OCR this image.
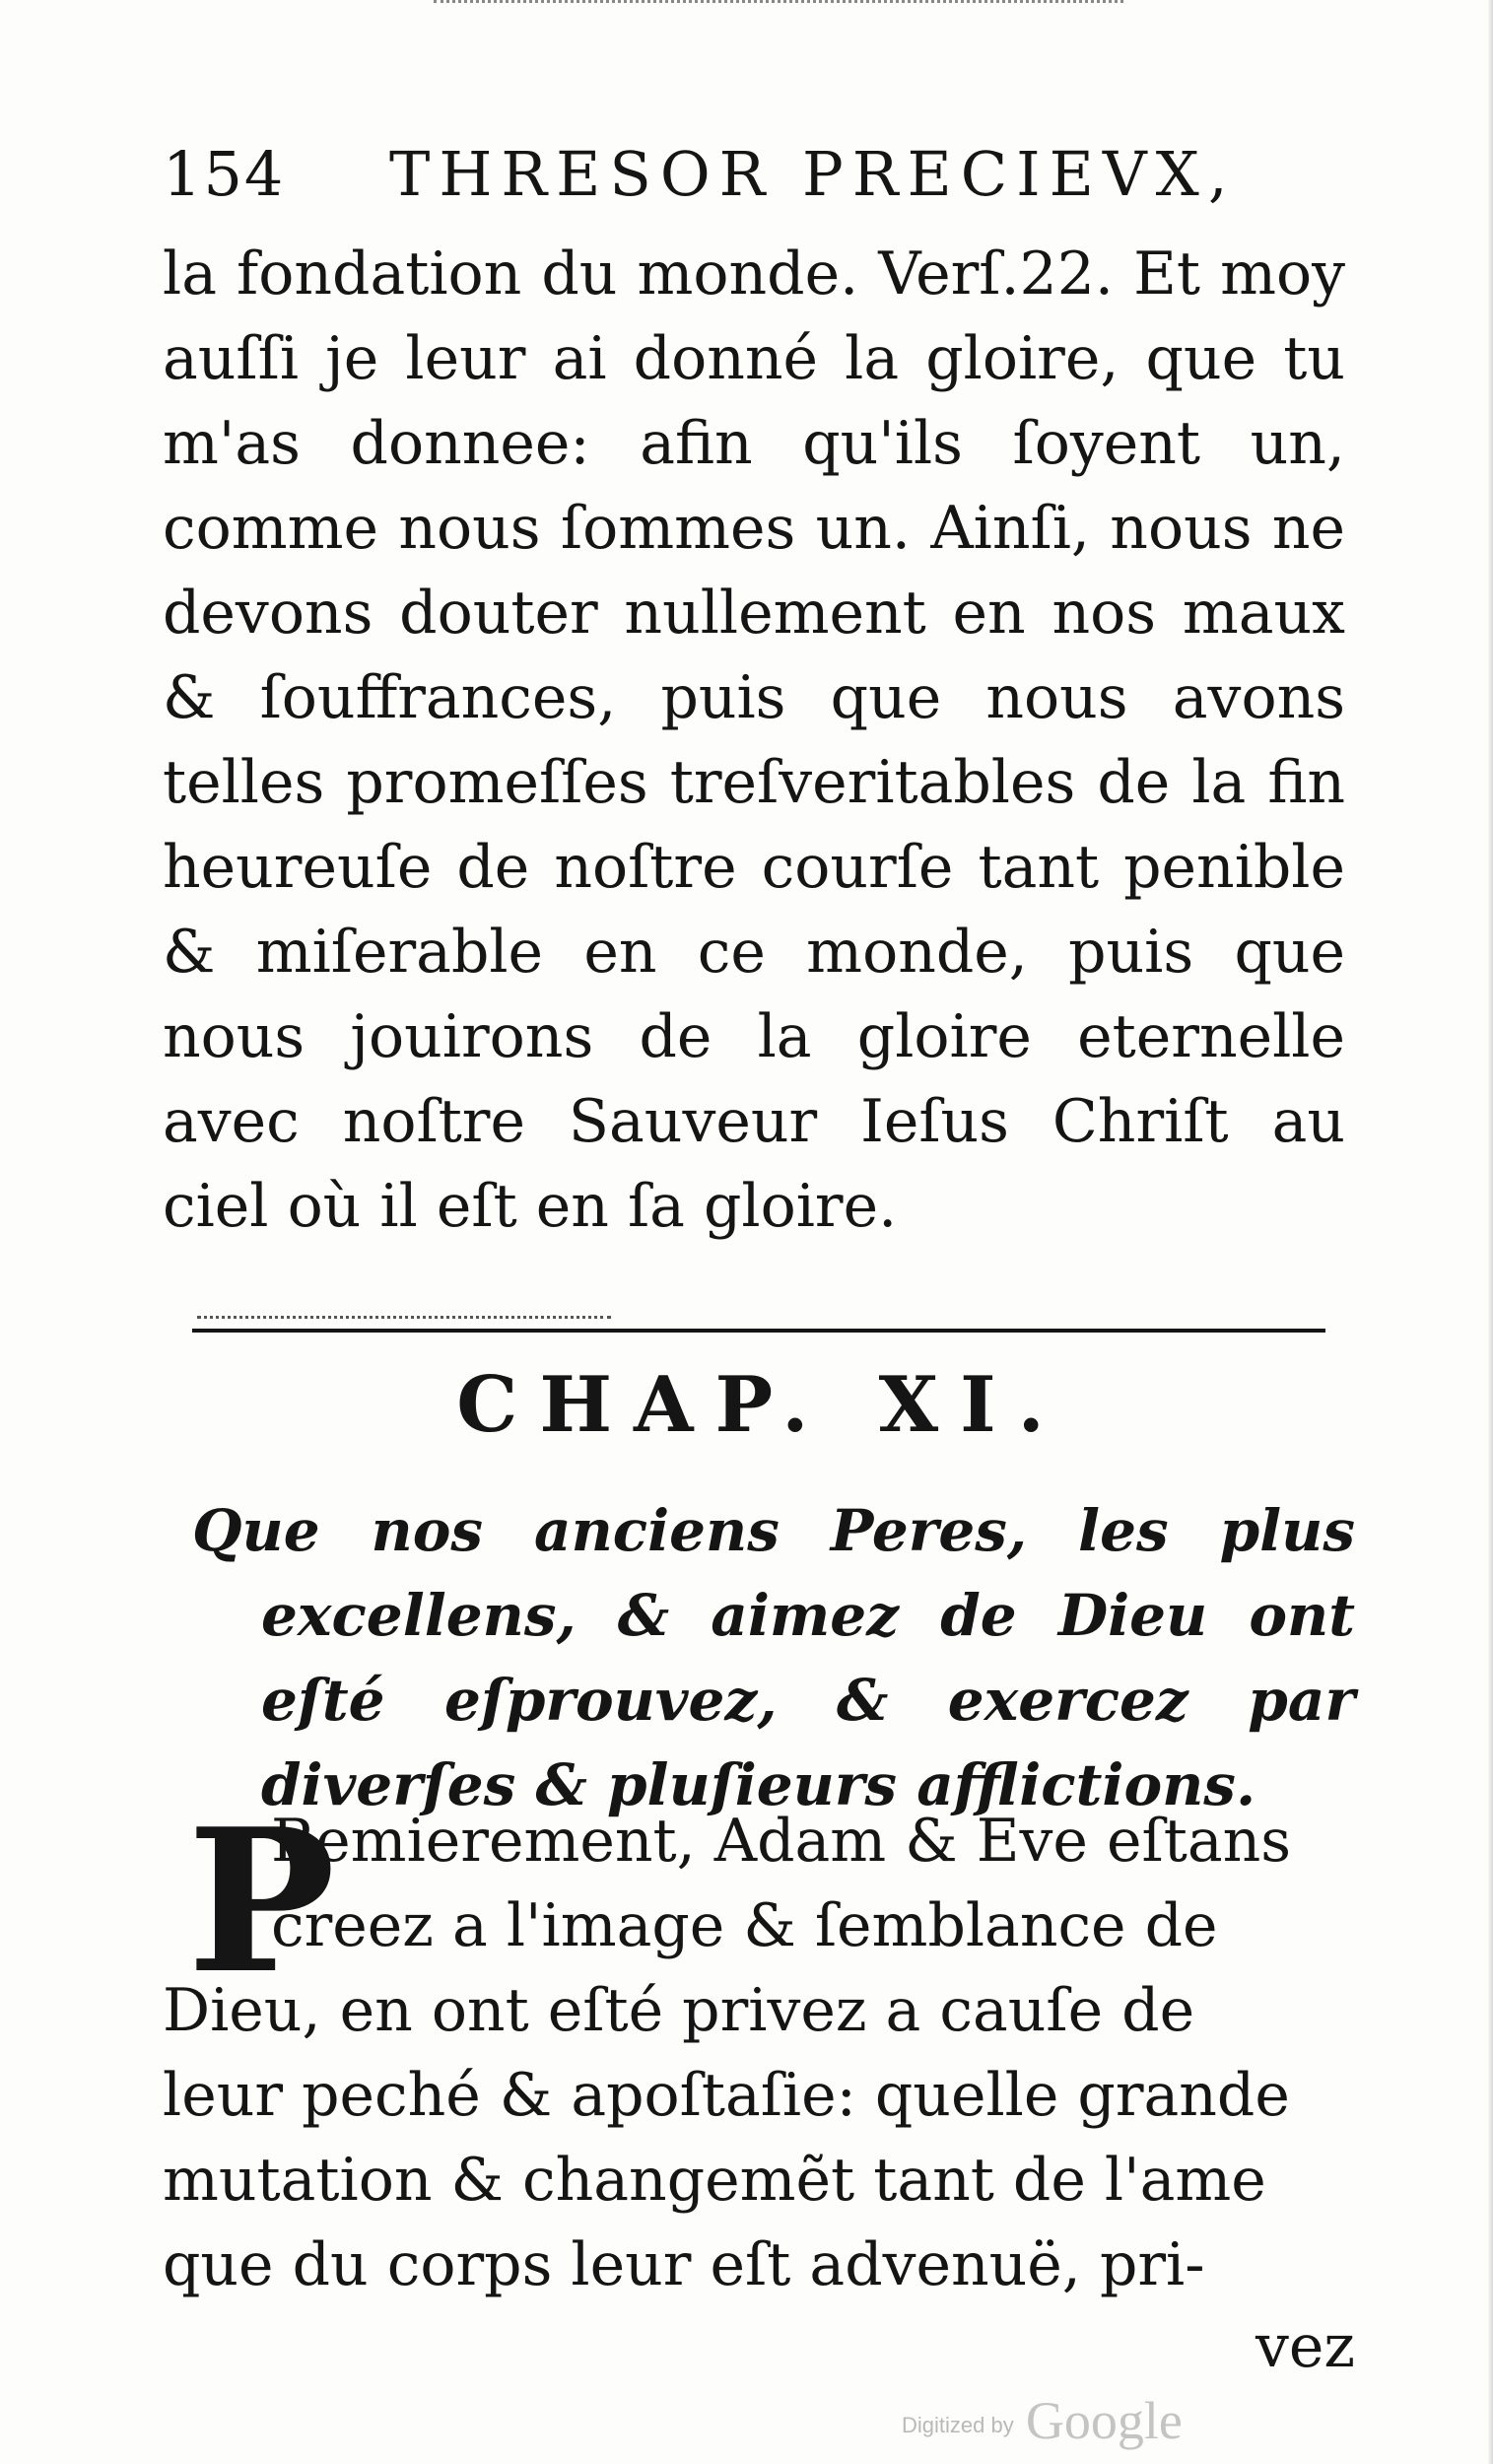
154 THRESOR PRECIEVX,

la fondation du monde. Verſ.22. Et moy auſſi je leur ai donné la gloire, que tu m'as donnee: afin qu'ils ſoyent un, comme nous ſommes un. Ainſi, nous ne devons douter nullement en nos maux & ſouffrances, puis que nous avons telles promeſſes treſveritables de la fin heureuſe de noſtre courſe tant penible & miſerable en ce monde, puis que nous jouirons de la gloire eternelle avec noſtre Sauveur Ieſus Chriſt au ciel où il eſt en ſa gloire.

CHAP. XI.

Que nos anciens Peres, les plus excellens, & aimez de Dieu ont eſté eſprouvez, & exercez par diverſes & pluſieurs afflictions.

P

Remierement, Adam & Eve eſtans
creez a l'image & ſemblance de
Dieu, en ont eſté privez a cauſe de
leur peché & apoſtaſie: quelle grande
mutation & changemẽt tant de l'ame
que du corps leur eſt advenuë, pri-

vez
Digitized by Google
